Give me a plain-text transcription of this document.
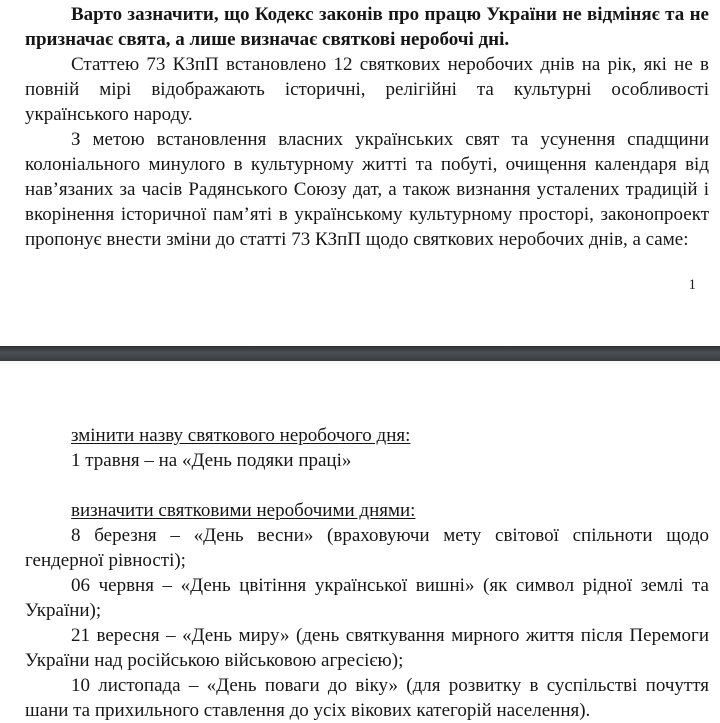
Варто зазначити, що Кодекс законів про працю України не відміняє та не призначає свята, а лише визначає святкові неробочі дні.

Статтею 73 КЗпП встановлено 12 святкових неробочих днів на рік, які не в повній мірі відображають історичні, релігійні та культурні особливості українського народу.

З метою встановлення власних українських свят та усунення спадщини колоніального минулого в культурному житті та побуті, очищення календаря від нав’язаних за часів Радянського Союзу дат, а також визнання усталених традицій і вкорінення історичної пам’яті в українському культурному просторі, законопроект пропонує внести зміни до статті 73 КЗпП щодо святкових неробочих днів, а саме:

1

змінити назву святкового неробочого дня:

1 травня – на «День подяки праці»

визначити святковими неробочими днями:

8 березня – «День весни» (враховуючи мету світової спільноти щодо гендерної рівності);

06 червня – «День цвітіння української вишні» (як символ рідної землі та України);

21 вересня – «День миру» (день святкування мирного життя після Перемоги України над російською військовою агресією);

10 листопада – «День поваги до віку» (для розвитку в суспільстві почуття шани та прихильного ставлення до усіх вікових категорій населення).
